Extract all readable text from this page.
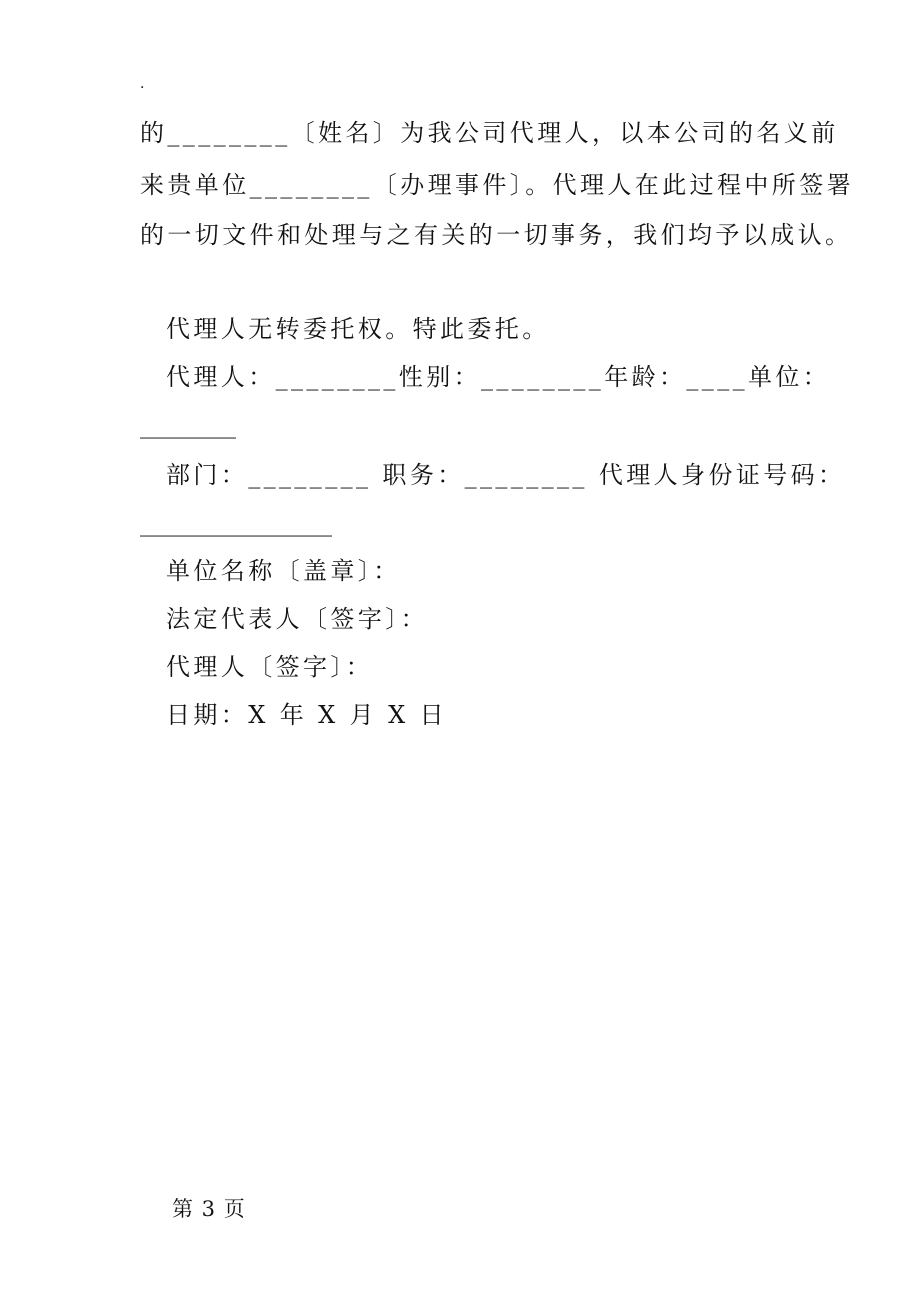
.
的________〔姓名〕为我公司代理人，以本公司的名义前
来贵单位________〔办理事件〕。代理人在此过程中所签署
的一切文件和处理与之有关的一切事务，我们均予以成认。
代理人无转委托权。特此委托。
代理人：________性别：________年龄：____单位：
________
部门：________ 职务：________ 代理人身份证号码：
________________
单位名称〔盖章〕：
法定代表人〔签字〕：
代理人〔签字〕：
日期：X 年 X 月 X 日
第 3 页
